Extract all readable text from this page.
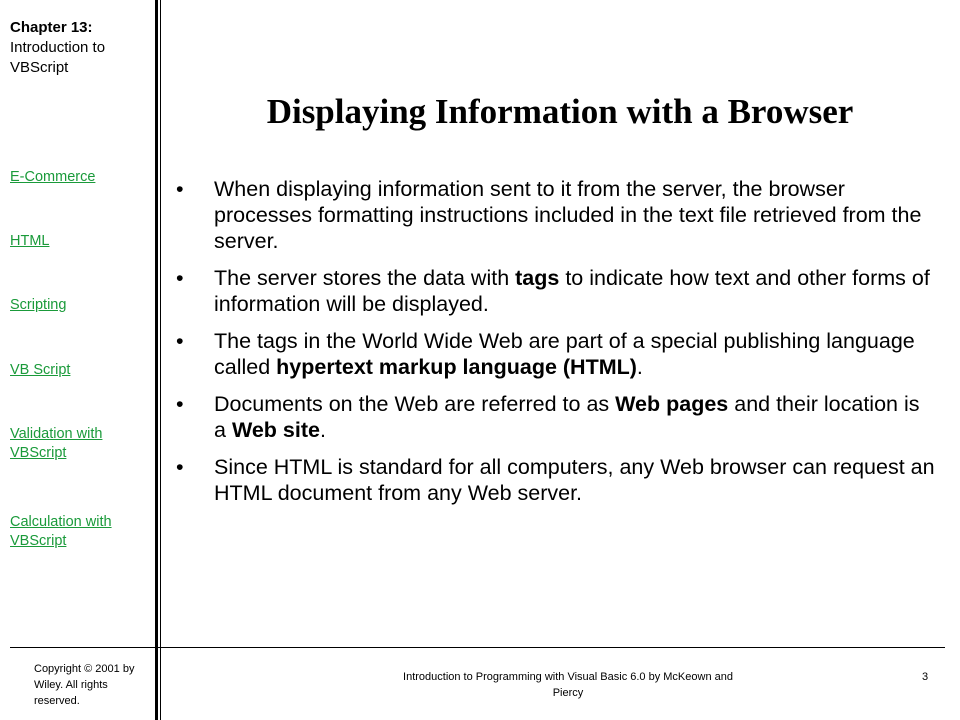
Chapter 13:
Introduction to VBScript
E-Commerce
HTML
Scripting
VB Script
Validation with VBScript
Calculation with VBScript
Copyright © 2001 by Wiley. All rights reserved.
Displaying Information with a Browser
• When displaying information sent to it from the server, the browser processes formatting instructions included in the text file retrieved from the server.
• The server stores the data with tags to indicate how text and other forms of information will be displayed.
• The tags in the World Wide Web are part of a special publishing language called hypertext markup language (HTML).
• Documents on the Web are referred to as Web pages and their location is a Web site.
• Since HTML is standard for all computers, any Web browser can request an HTML document from any Web server.
Introduction to Programming with Visual Basic 6.0 by McKeown and Piercy
3
